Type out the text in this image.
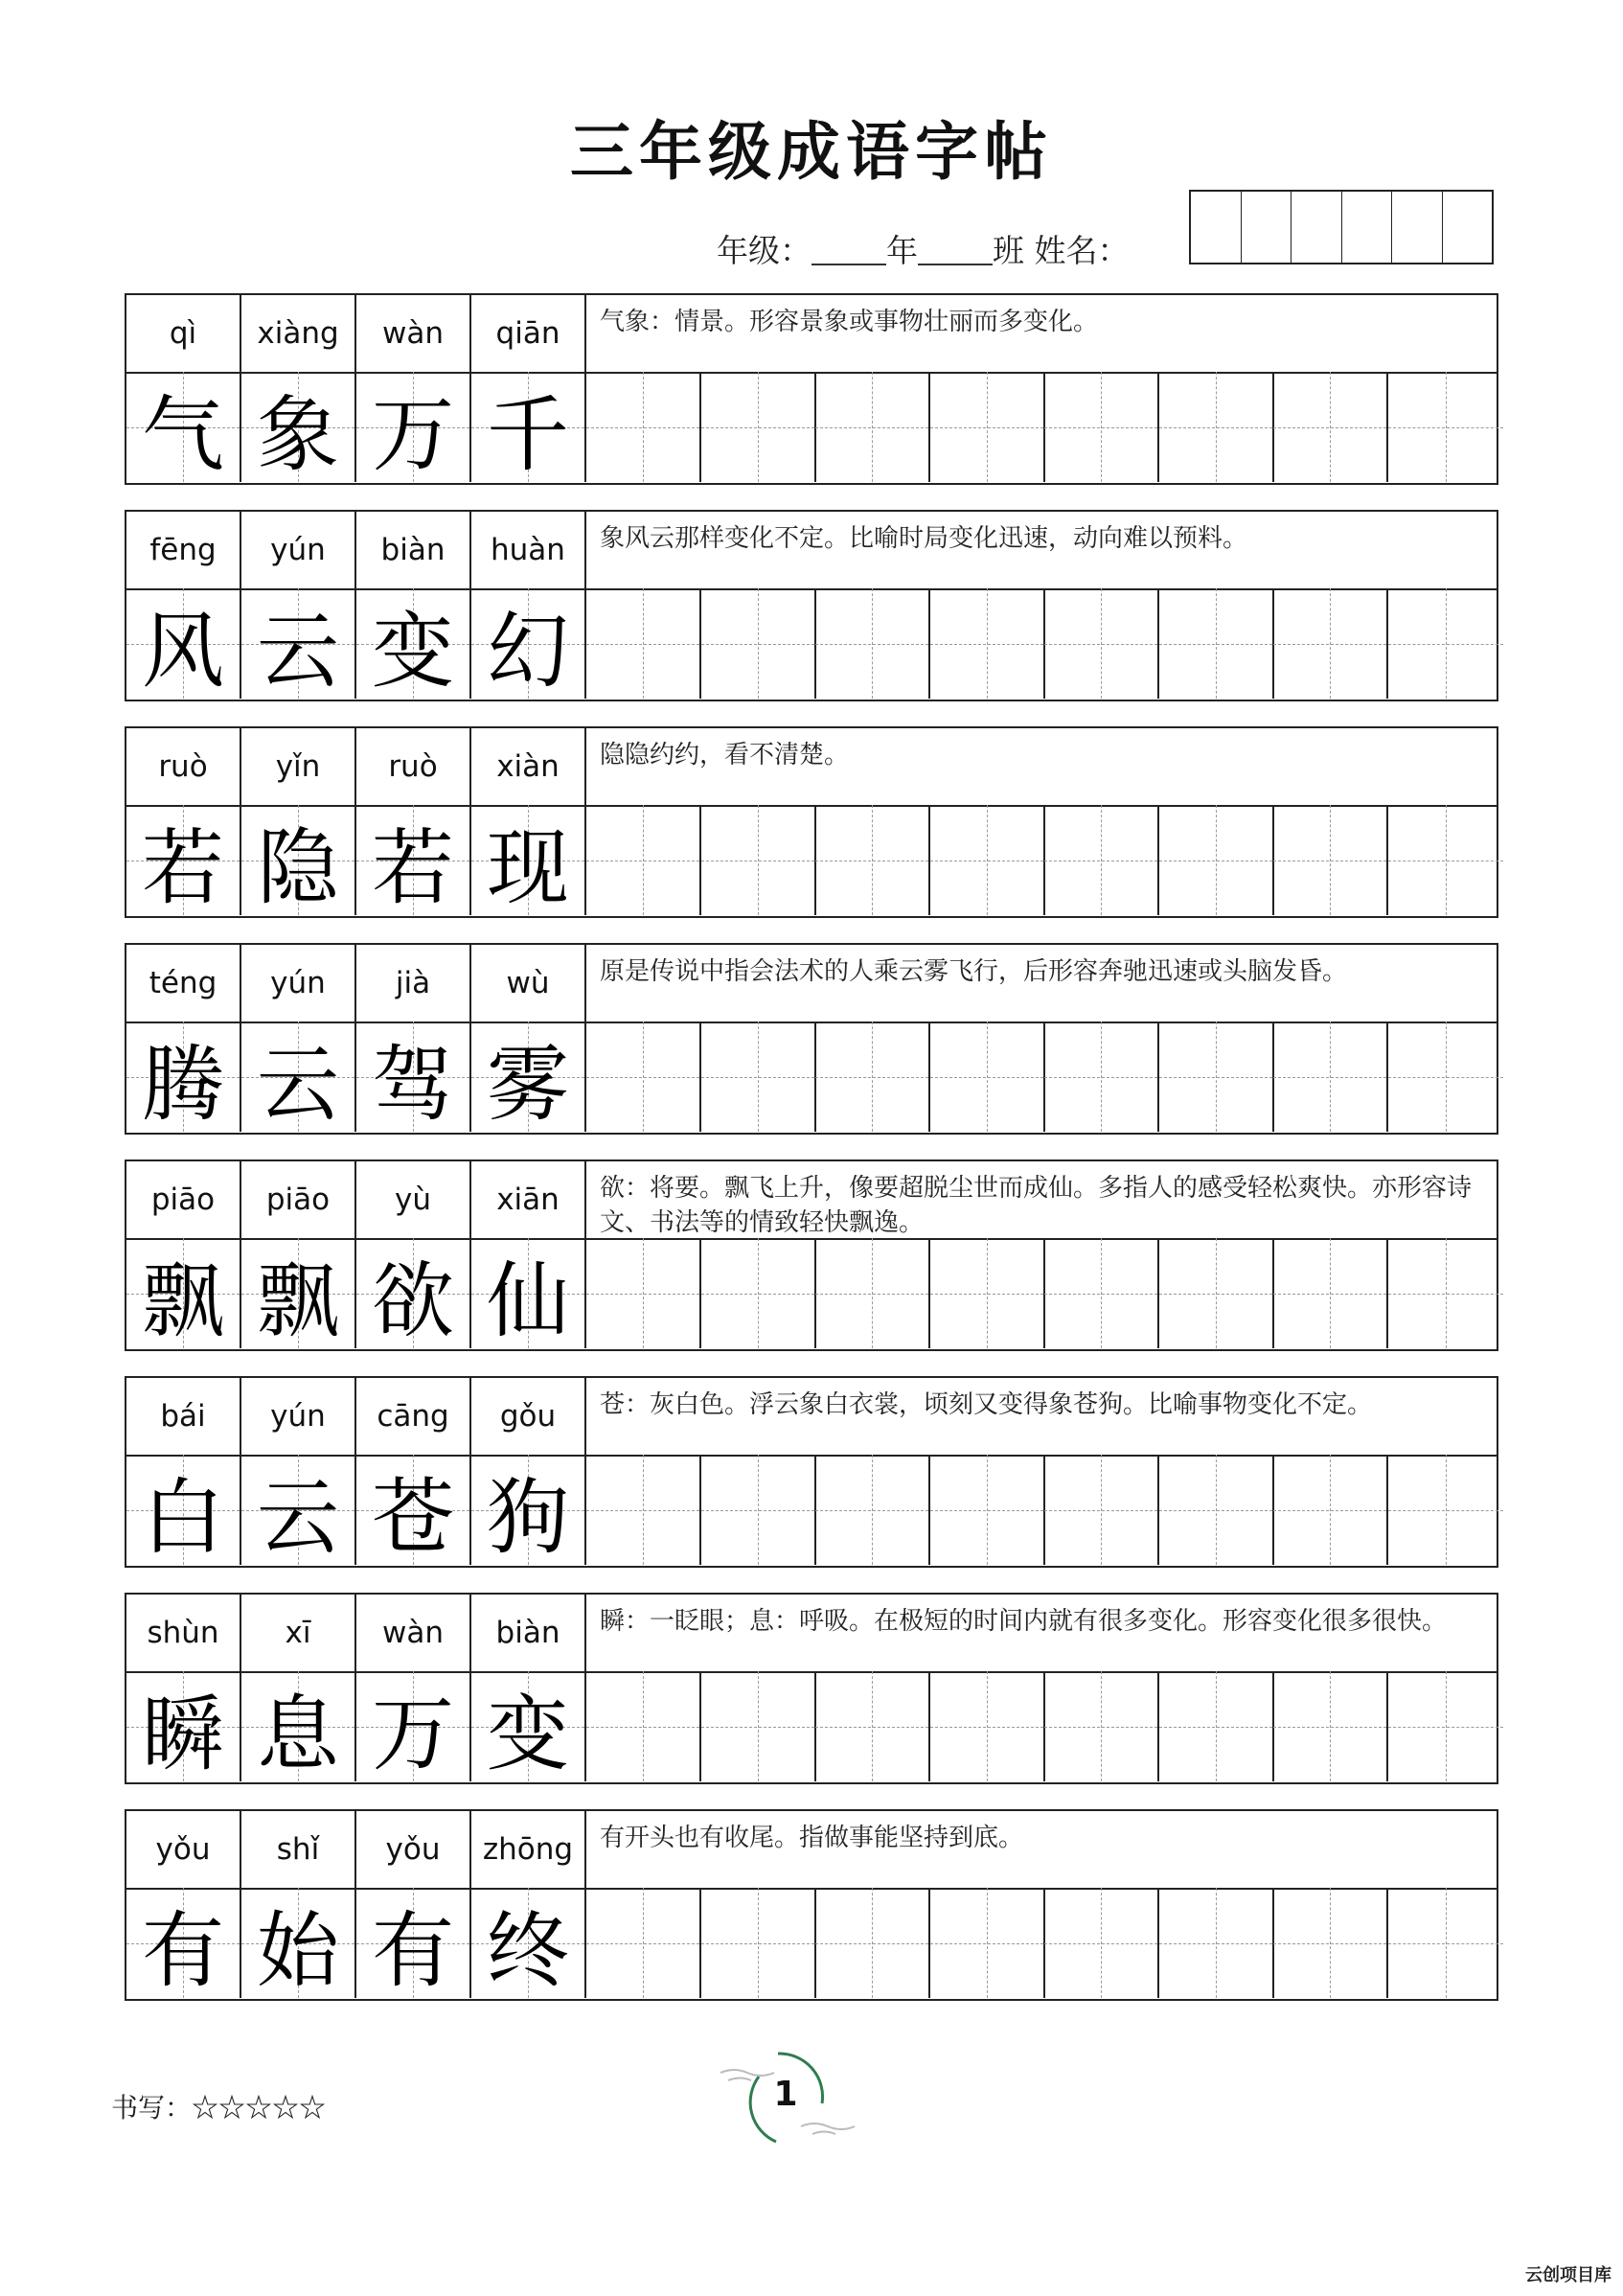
三年级成语字帖
年级： 年 班 姓名：
qì	xiàng	wàn	qiān	气象：情景。形容景象或事物壮丽而多变化。
气 象 万 千
fēng	yún	biàn	huàn	象风云那样变化不定。比喻时局变化迅速，动向难以预料。
风 云 变 幻
ruò	yǐn	ruò	xiàn	隐隐约约，看不清楚。
若 隐 若 现
téng	yún	jià	wù	原是传说中指会法术的人乘云雾飞行，后形容奔驰迅速或头脑发昏。
腾 云 驾 雾
piāo	piāo	yù	xiān	欲：将要。飘飞上升，像要超脱尘世而成仙。多指人的感受轻松爽快。亦形容诗文、书法等的情致轻快飘逸。
飘 飘 欲 仙
bái	yún	cāng	gǒu	苍：灰白色。浮云象白衣裳，顷刻又变得象苍狗。比喻事物变化不定。
白 云 苍 狗
shùn	xī	wàn	biàn	瞬：一眨眼；息：呼吸。在极短的时间内就有很多变化。形容变化很多很快。
瞬 息 万 变
yǒu	shǐ	yǒu	zhōng	有开头也有收尾。指做事能坚持到底。
有 始 有 终
书写：☆☆☆☆☆	1
云创项目库
